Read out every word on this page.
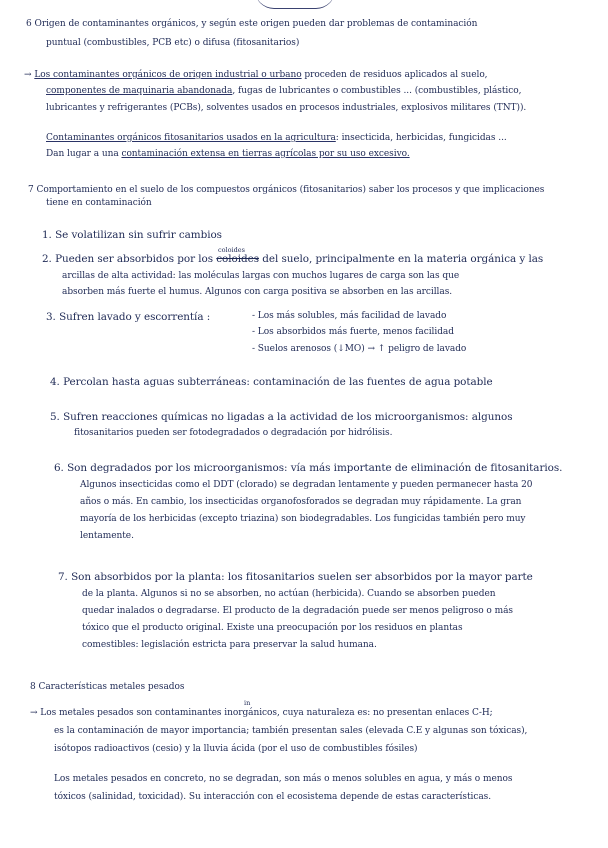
6 Origen de contaminantes orgánicos, y según este origen pueden dar problemas de contaminación
puntual (combustibles, PCB etc) o difusa (fitosanitarios)
→ Los contaminantes orgánicos de origen industrial o urbano proceden de residuos aplicados al suelo,
componentes de maquinaria abandonada, fugas de lubricantes o combustibles ... (combustibles, plástico,
lubricantes y refrigerantes (PCBs), solventes usados en procesos industriales, explosivos militares (TNT)).
Contaminantes orgánicos fitosanitarios usados en la agricultura: insecticida, herbicidas, fungicidas ...
Dan lugar a una contaminación extensa en tierras agrícolas por su uso excesivo.
7 Comportamiento en el suelo de los compuestos orgánicos (fitosanitarios) saber los procesos y que implicaciones
tiene en contaminación
1. Se volatilizan sin sufrir cambios
coloides
2. Pueden ser absorbidos por los coloides del suelo, principalmente en la materia orgánica y las
arcillas de alta actividad: las moléculas largas con muchos lugares de carga son las que
absorben más fuerte el humus. Algunos con carga positiva se absorben en las arcillas.
3. Sufren lavado y escorrentía :	- Los más solubles, más facilidad de lavado
- Los absorbidos más fuerte, menos facilidad
- Suelos arenosos (↓MO) → ↑ peligro de lavado
4. Percolan hasta aguas subterráneas: contaminación de las fuentes de agua potable
5. Sufren reacciones químicas no ligadas a la actividad de los microorganismos: algunos
fitosanitarios pueden ser fotodegradados o degradación por hidrólisis.
6. Son degradados por los microorganismos: vía más importante de eliminación de fitosanitarios.
Algunos insecticidas como el DDT (clorado) se degradan lentamente y pueden permanecer hasta 20
años o más. En cambio, los insecticidas organofosforados se degradan muy rápidamente. La gran
mayoría de los herbicidas (excepto triazina) son biodegradables. Los fungicidas también pero muy
lentamente.
7. Son absorbidos por la planta: los fitosanitarios suelen ser absorbidos por la mayor parte
de la planta. Algunos si no se absorben, no actúan (herbicida). Cuando se absorben pueden
quedar inalados o degradarse. El producto de la degradación puede ser menos peligroso o más
tóxico que el producto original. Existe una preocupación por los residuos en plantas
comestibles: legislación estricta para preservar la salud humana.
8 Características metales pesados
in
→ Los metales pesados son contaminantes inorgánicos, cuya naturaleza es: no presentan enlaces C-H;
es la contaminación de mayor importancia; también presentan sales (elevada C.E y algunas son tóxicas),
isótopos radioactivos (cesio) y la lluvia ácida (por el uso de combustibles fósiles)
Los metales pesados en concreto, no se degradan, son más o menos solubles en agua, y más o menos
tóxicos (salinidad, toxicidad). Su interacción con el ecosistema depende de estas características.
